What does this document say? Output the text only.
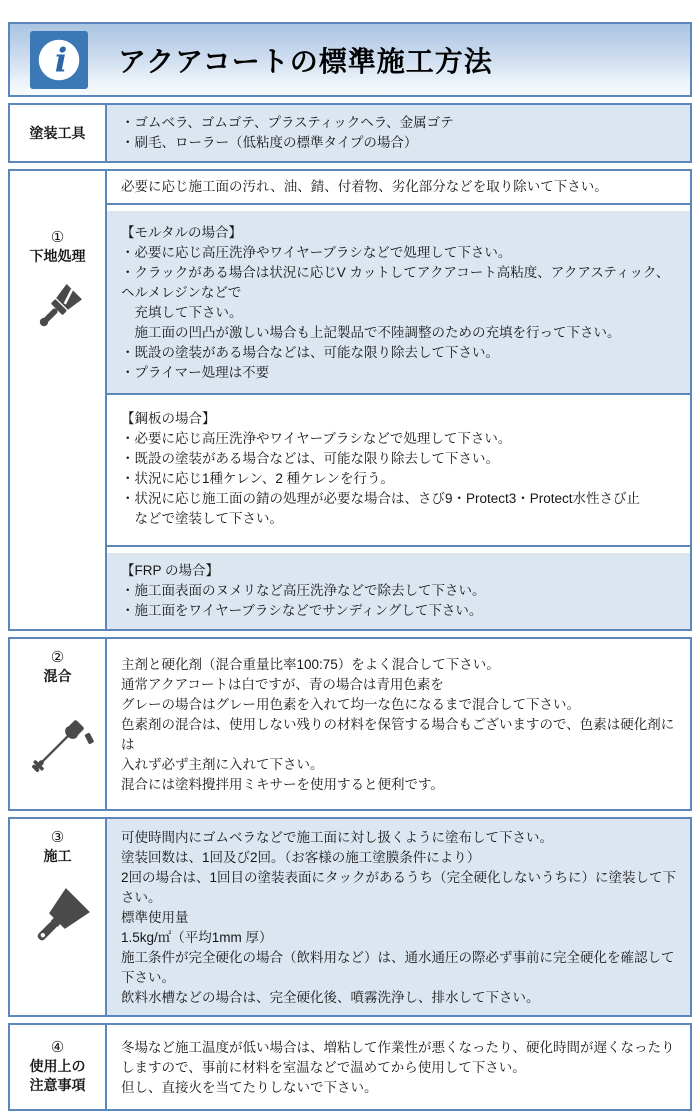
i アクアコートの標準施工方法
塗装工具
・ゴムベラ、ゴムゴテ、プラスティックヘラ、金属ゴテ
・刷毛、ローラー（低粘度の標準タイプの場合）
①
下地処理
必要に応じ施工面の汚れ、油、錆、付着物、劣化部分などを取り除いて下さい。
【モルタルの場合】
・必要に応じ高圧洗浄やワイヤーブラシなどで処理して下さい。
・クラックがある場合は状況に応じV カットしてアクアコート高粘度、アクアスティック、ヘルメレジンなどで
　充填して下さい。
　施工面の凹凸が激しい場合も上記製品で不陸調整のための充填を行って下さい。
・既設の塗装がある場合などは、可能な限り除去して下さい。
・プライマー処理は不要
【鋼板の場合】
・必要に応じ高圧洗浄やワイヤーブラシなどで処理して下さい。
・既設の塗装がある場合などは、可能な限り除去して下さい。
・状況に応じ1種ケレン、2 種ケレンを行う。
・状況に応じ施工面の錆の処理が必要な場合は、さび9・Protect3・Protect水性さび止
　などで塗装して下さい。
【FRP の場合】
・施工面表面のヌメリなど高圧洗浄などで除去して下さい。
・施工面をワイヤーブラシなどでサンディングして下さい。
②
混合
主剤と硬化剤（混合重量比率100:75）をよく混合して下さい。
通常アクアコートは白ですが、青の場合は青用色素を
グレーの場合はグレー用色素を入れて均一な色になるまで混合して下さい。
色素剤の混合は、使用しない残りの材料を保管する場合もございますので、色素は硬化剤には
入れず必ず主剤に入れて下さい。
混合には塗料攪拌用ミキサーを使用すると便利です。
③
施工
可使時間内にゴムベラなどで施工面に対し扱くように塗布して下さい。
塗装回数は、1回及び2回。（お客様の施工塗膜条件により）
2回の場合は、1回目の塗装表面にタックがあるうち（完全硬化しないうちに）に塗装して下さい。
標準使用量
1.5kg/㎡（平均1mm 厚）
施工条件が完全硬化の場合（飲料用など）は、通水通圧の際必ず事前に完全硬化を確認して下さい。
飲料水槽などの場合は、完全硬化後、噴霧洗浄し、排水して下さい。
④
使用上の
注意事項
冬場など施工温度が低い場合は、増粘して作業性が悪くなったり、硬化時間が遅くなったり
しますので、事前に材料を室温などで温めてから使用して下さい。
但し、直接火を当てたりしないで下さい。
